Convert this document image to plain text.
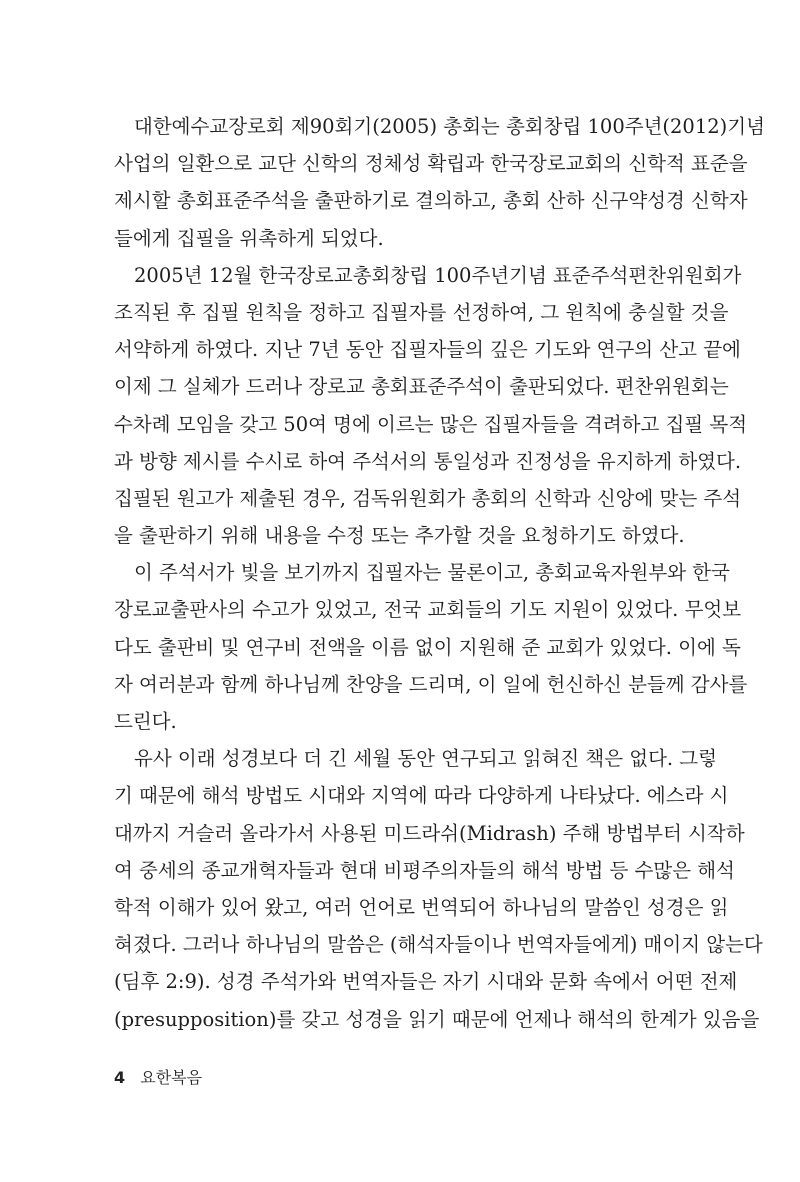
대한예수교장로회 제90회기(2005) 총회는 총회창립 100주년(2012)기념
사업의 일환으로 교단 신학의 정체성 확립과 한국장로교회의 신학적 표준을
제시할 총회표준주석을 출판하기로 결의하고, 총회 산하 신구약성경 신학자
들에게 집필을 위촉하게 되었다.
2005년 12월 한국장로교총회창립 100주년기념 표준주석편찬위원회가
조직된 후 집필 원칙을 정하고 집필자를 선정하여, 그 원칙에 충실할 것을
서약하게 하였다. 지난 7년 동안 집필자들의 깊은 기도와 연구의 산고 끝에
이제 그 실체가 드러나 장로교 총회표준주석이 출판되었다. 편찬위원회는
수차례 모임을 갖고 50여 명에 이르는 많은 집필자들을 격려하고 집필 목적
과 방향 제시를 수시로 하여 주석서의 통일성과 진정성을 유지하게 하였다.
집필된 원고가 제출된 경우, 검독위원회가 총회의 신학과 신앙에 맞는 주석
을 출판하기 위해 내용을 수정 또는 추가할 것을 요청하기도 하였다.
이 주석서가 빛을 보기까지 집필자는 물론이고, 총회교육자원부와 한국
장로교출판사의 수고가 있었고, 전국 교회들의 기도 지원이 있었다. 무엇보
다도 출판비 및 연구비 전액을 이름 없이 지원해 준 교회가 있었다. 이에 독
자 여러분과 함께 하나님께 찬양을 드리며, 이 일에 헌신하신 분들께 감사를
드린다.
유사 이래 성경보다 더 긴 세월 동안 연구되고 읽혀진 책은 없다. 그렇
기 때문에 해석 방법도 시대와 지역에 따라 다양하게 나타났다. 에스라 시
대까지 거슬러 올라가서 사용된 미드라쉬(Midrash) 주해 방법부터 시작하
여 중세의 종교개혁자들과 현대 비평주의자들의 해석 방법 등 수많은 해석
학적 이해가 있어 왔고, 여러 언어로 번역되어 하나님의 말씀인 성경은 읽
혀졌다. 그러나 하나님의 말씀은 (해석자들이나 번역자들에게) 매이지 않는다
(딤후 2:9). 성경 주석가와 번역자들은 자기 시대와 문화 속에서 어떤 전제
(presupposition)를 갖고 성경을 읽기 때문에 언제나 해석의 한계가 있음을
4 요한복음
